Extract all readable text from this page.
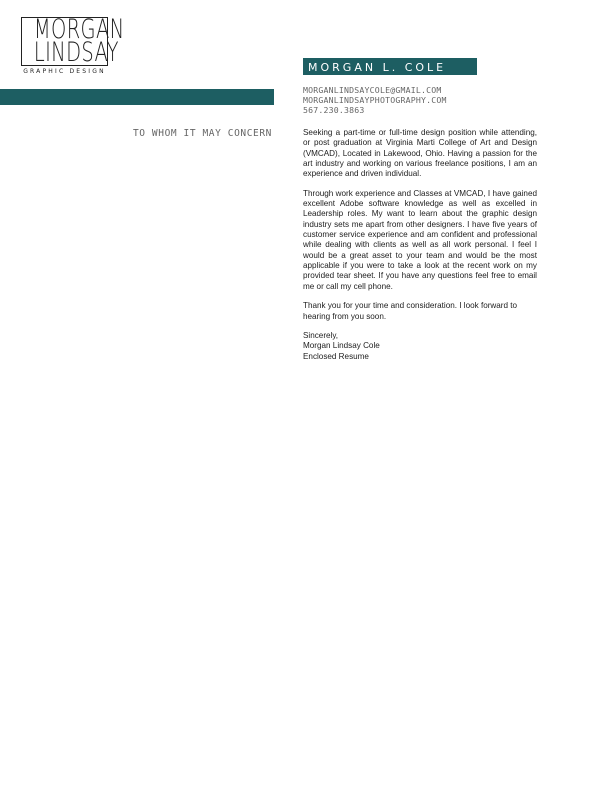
MORGAN
LINDSAY
GRAPHIC DESIGN	MORGAN L. COLE
MORGANLINDSAYCOLE@GMAIL.COM
MORGANLINDSAYPHOTOGRAPHY.COM
567.230.3863
TO WHOM IT MAY CONCERN	Seeking a part-time or full-time design position while attending, or post graduation at Virginia Marti College of Art and Design (VMCAD), Located in Lakewood, Ohio. Having a passion for the art industry and working on various freelance positions, I am an experience and driven individual.

Through work experience and Classes at VMCAD, I have gained excellent Adobe software knowledge as well as excelled in Leadership roles. My want to learn about the graphic design industry sets me apart from other designers. I have five years of customer service experience and am confident and professional while dealing with clients as well as all work personal. I feel I would be a great asset to your team and would be the most applicable if you were to take a look at the recent work on my provided tear sheet. If you have any questions feel free to email me or call my cell phone.

Thank you for your time and consideration. I look forward to hearing from you soon.

Sincerely,
Morgan Lindsay Cole
Enclosed Resume
